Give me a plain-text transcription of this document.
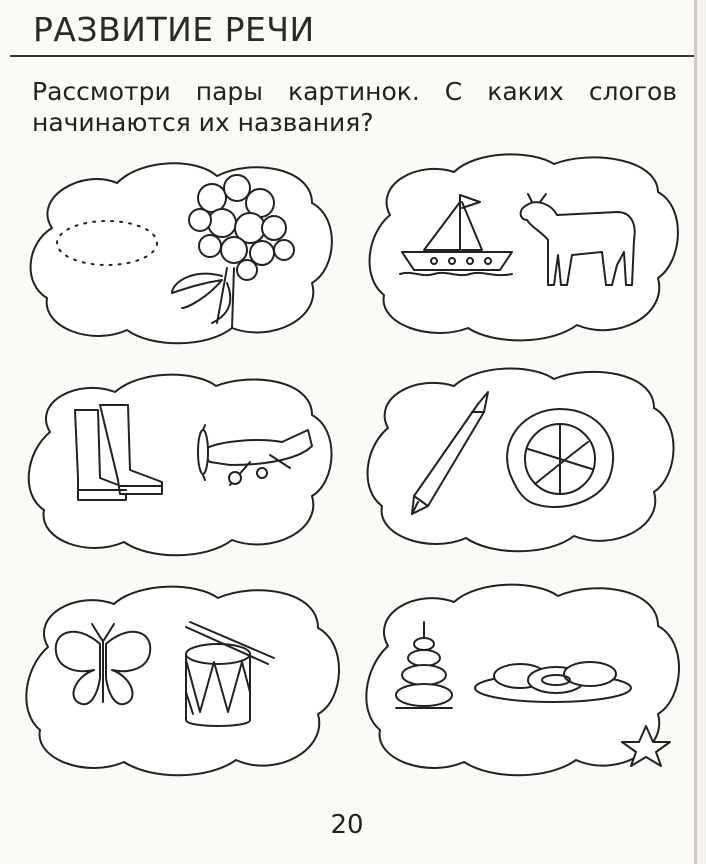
РАЗВИТИЕ РЕЧИ
Рассмотри пары картинок. С каких слогов начинаются их названия?
20
